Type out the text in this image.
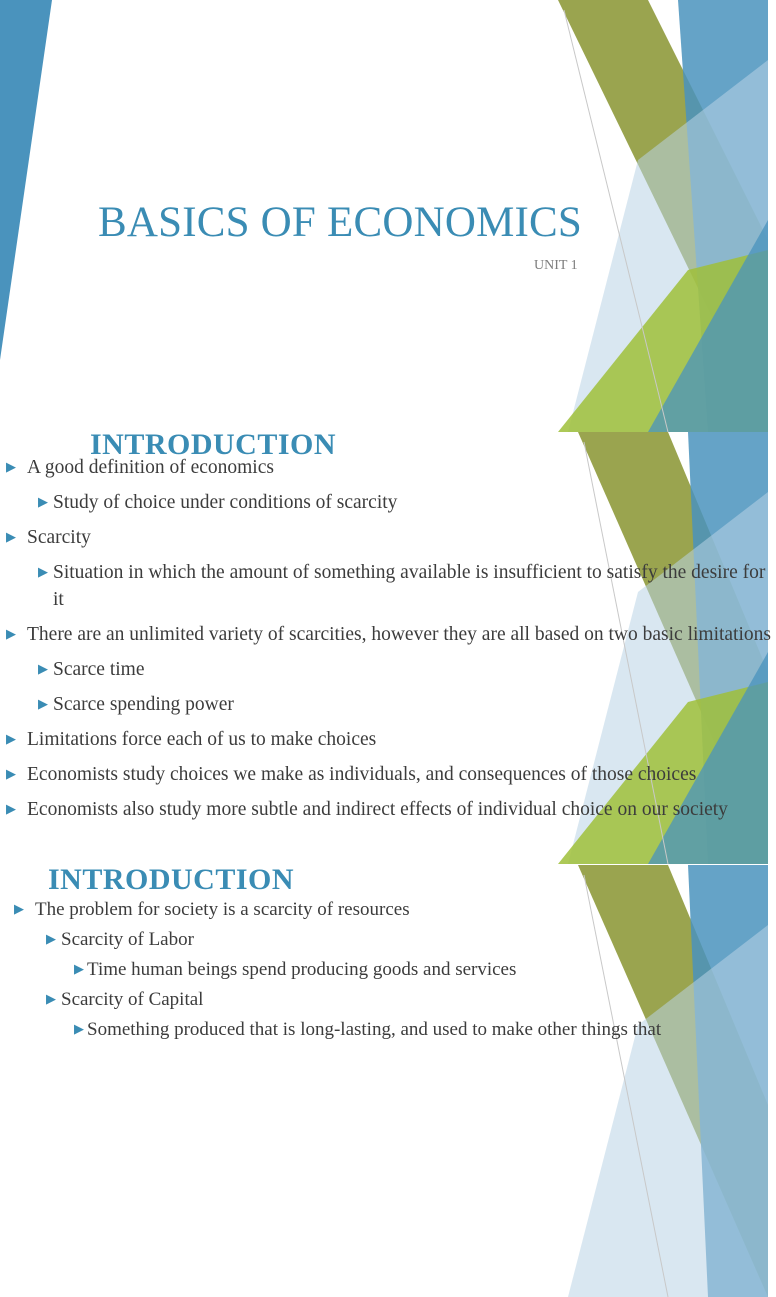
BASICS OF ECONOMICS
UNIT 1
INTRODUCTION
▶ A good definition of economics
▶ Study of choice under conditions of scarcity
▶ Scarcity
▶ Situation in which the amount of something available is insufficient to satisfy the desire for it
▶ There are an unlimited variety of scarcities, however they are all based on two basic limitations
▶ Scarce time
▶ Scarce spending power
▶ Limitations force each of us to make choices
▶ Economists study choices we make as individuals, and consequences of those choices
▶ Economists also study more subtle and indirect effects of individual choice on our society
INTRODUCTION
▶ The problem for society is a scarcity of resources
▶ Scarcity of Labor
▶ Time human beings spend producing goods and services
▶ Scarcity of Capital
▶ Something produced that is long-lasting, and used to make other things that
